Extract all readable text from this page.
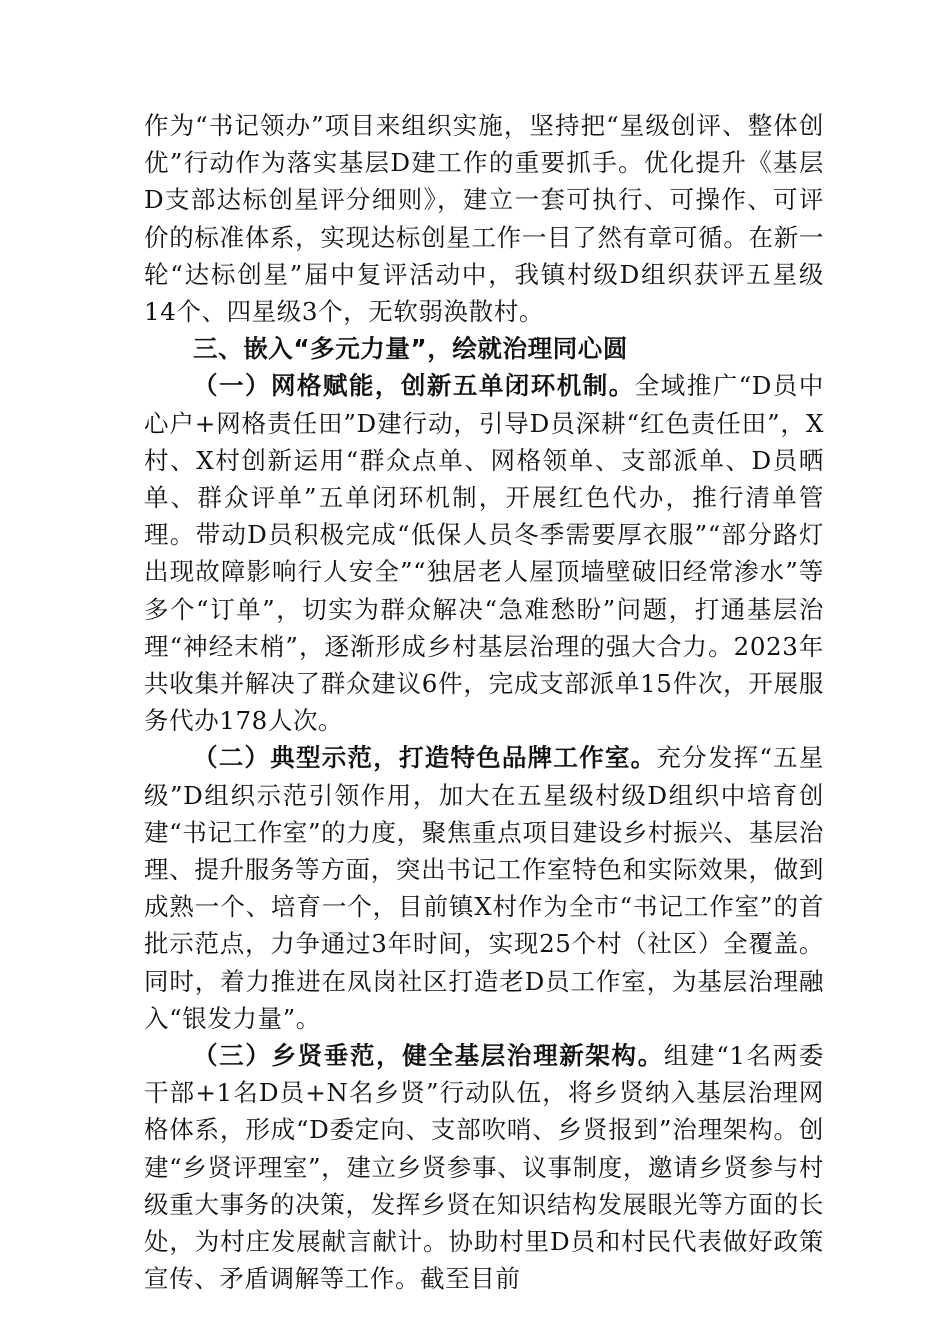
作为“书记领办”项目来组织实施，坚持把“星级创评、整体创优”行动作为落实基层D建工作的重要抓手。优化提升《基层D支部达标创星评分细则》，建立一套可执行、可操作、可评价的标准体系，实现达标创星工作一目了然有章可循。在新一轮“达标创星”届中复评活动中，我镇村级D组织获评五星级14个、四星级3个，无软弱涣散村。

三、嵌入“多元力量”，绘就治理同心圆

（一）网格赋能，创新五单闭环机制。全域推广“D员中心户+网格责任田”D建行动，引导D员深耕“红色责任田”，X村、X村创新运用“群众点单、网格领单、支部派单、D员晒单、群众评单”五单闭环机制，开展红色代办，推行清单管理。带动D员积极完成“低保人员冬季需要厚衣服”“部分路灯出现故障影响行人安全”“独居老人屋顶墙壁破旧经常渗水”等多个“订单”，切实为群众解决“急难愁盼”问题，打通基层治理“神经末梢”，逐渐形成乡村基层治理的强大合力。2023年共收集并解决了群众建议6件，完成支部派单15件次，开展服务代办178人次。

（二）典型示范，打造特色品牌工作室。充分发挥“五星级”D组织示范引领作用，加大在五星级村级D组织中培育创建“书记工作室”的力度，聚焦重点项目建设乡村振兴、基层治理、提升服务等方面，突出书记工作室特色和实际效果，做到成熟一个、培育一个，目前镇X村作为全市“书记工作室”的首批示范点，力争通过3年时间，实现25个村（社区）全覆盖。同时，着力推进在凤岗社区打造老D员工作室，为基层治理融入“银发力量”。

（三）乡贤垂范，健全基层治理新架构。组建“1名两委干部+1名D员+N名乡贤”行动队伍，将乡贤纳入基层治理网格体系，形成“D委定向、支部吹哨、乡贤报到”治理架构。创建“乡贤评理室”，建立乡贤参事、议事制度，邀请乡贤参与村级重大事务的决策，发挥乡贤在知识结构发展眼光等方面的长处，为村庄发展献言献计。协助村里D员和村民代表做好政策宣传、矛盾调解等工作。截至目前
